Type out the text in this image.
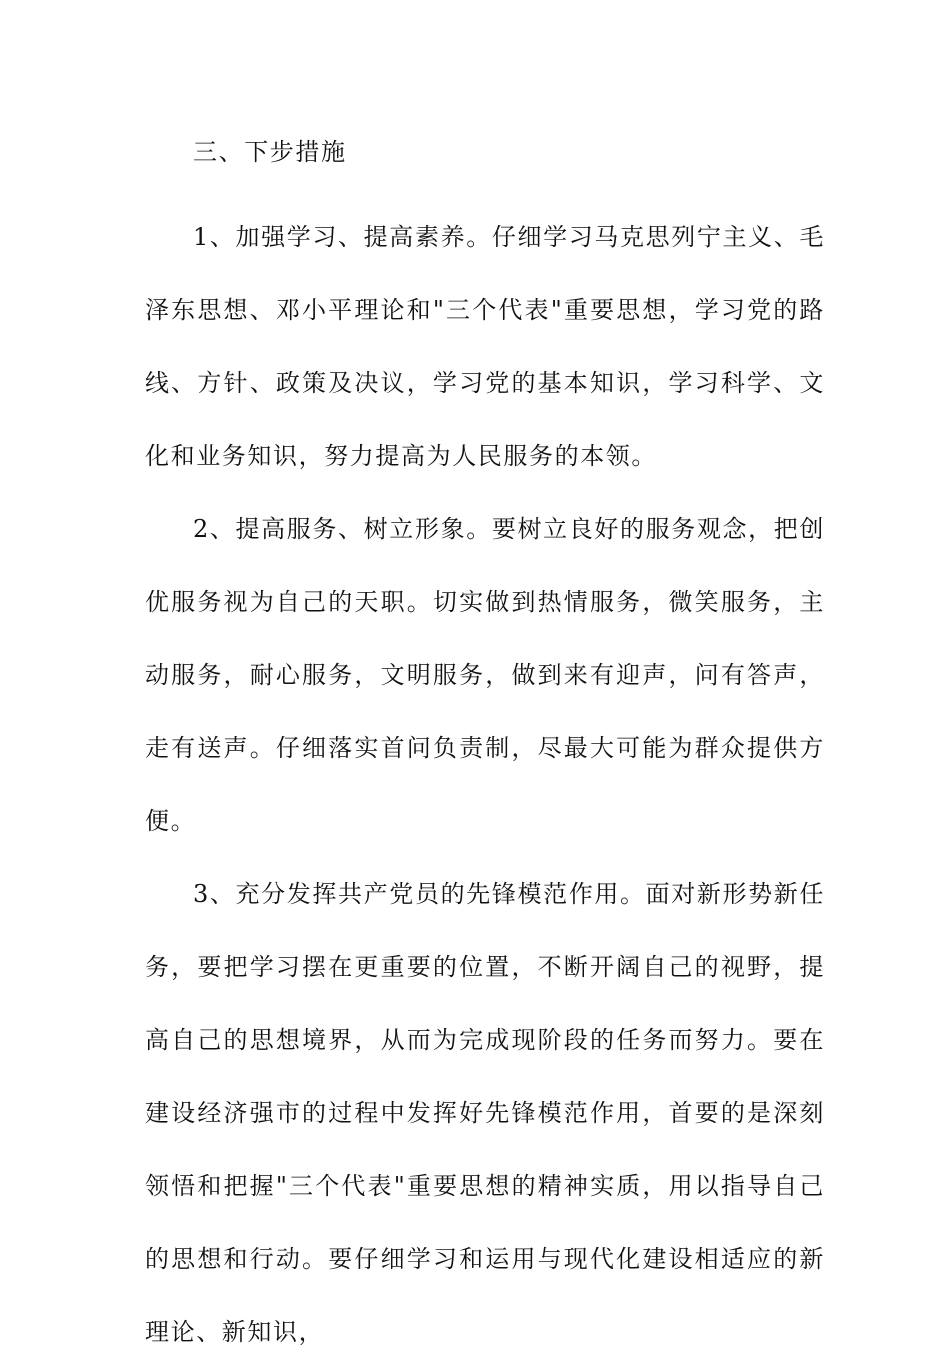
三、下步措施

1、加强学习、提高素养。仔细学习马克思列宁主义、毛泽东思想、邓小平理论和"三个代表"重要思想，学习党的路线、方针、政策及决议，学习党的基本知识，学习科学、文化和业务知识，努力提高为人民服务的本领。

2、提高服务、树立形象。要树立良好的服务观念，把创优服务视为自己的天职。切实做到热情服务，微笑服务，主动服务，耐心服务，文明服务，做到来有迎声，问有答声，走有送声。仔细落实首问负责制，尽最大可能为群众提供方便。

3、充分发挥共产党员的先锋模范作用。面对新形势新任务，要把学习摆在更重要的位置，不断开阔自己的视野，提高自己的思想境界，从而为完成现阶段的任务而努力。要在建设经济强市的过程中发挥好先锋模范作用，首要的是深刻领悟和把握"三个代表"重要思想的精神实质，用以指导自己的思想和行动。要仔细学习和运用与现代化建设相适应的新理论、新知识，
